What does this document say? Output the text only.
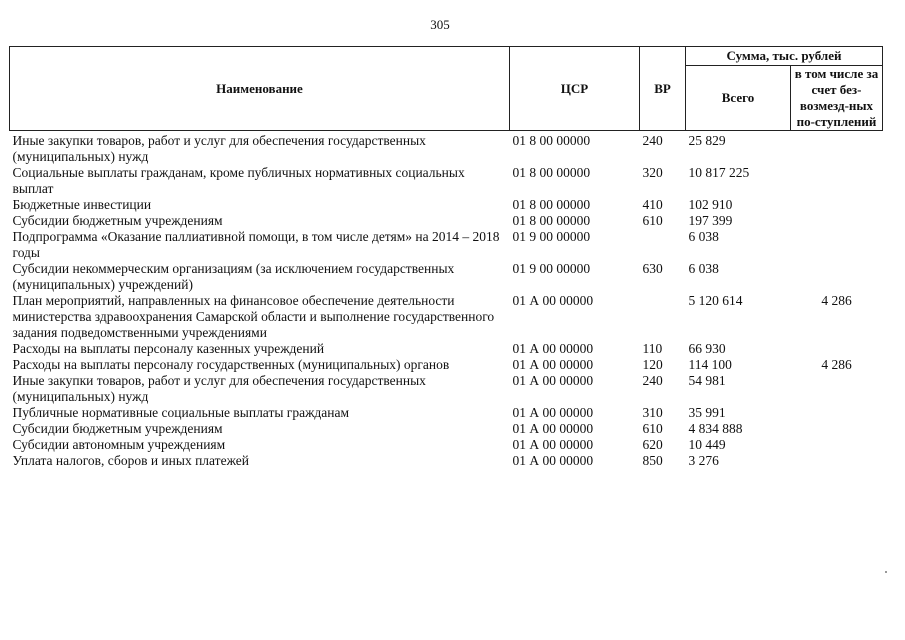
305
Наименование	ЦСР	ВР	Сумма, тыс. рублей	
			Всего	в том числе за счет без-возмезд-ных по-ступлений
Иные закупки товаров, работ и услуг для обеспечения государственных (муниципальных) нужд	01 8 00 00000	240	25 829	
Социальные выплаты гражданам, кроме публичных нормативных социальных выплат	01 8 00 00000	320	10 817 225	
Бюджетные инвестиции	01 8 00 00000	410	102 910	
Субсидии бюджетным учреждениям	01 8 00 00000	610	197 399	
Подпрограмма «Оказание паллиативной помощи, в том числе детям» на 2014 – 2018 годы	01 9 00 00000		6 038	
Субсидии некоммерческим организациям (за исключением государственных (муниципальных) учреждений)	01 9 00 00000	630	6 038	
План мероприятий, направленных на финансовое обеспечение деятельности министерства здравоохранения Самарской области и выполнение государственного задания подведомственными учреждениями	01 А 00 00000		5 120 614	4 286
Расходы на выплаты персоналу казенных учреждений	01 А 00 00000	110	66 930	
Расходы на выплаты персоналу государственных (муниципальных) органов	01 А 00 00000	120	114 100	4 286
Иные закупки товаров, работ и услуг для обеспечения государственных (муниципальных) нужд	01 А 00 00000	240	54 981	
Публичные нормативные социальные выплаты гражданам	01 А 00 00000	310	35 991	
Субсидии бюджетным учреждениям	01 А 00 00000	610	4 834 888	
Субсидии автономным учреждениям	01 А 00 00000	620	10 449	
Уплата налогов, сборов и иных платежей	01 А 00 00000	850	3 276	
